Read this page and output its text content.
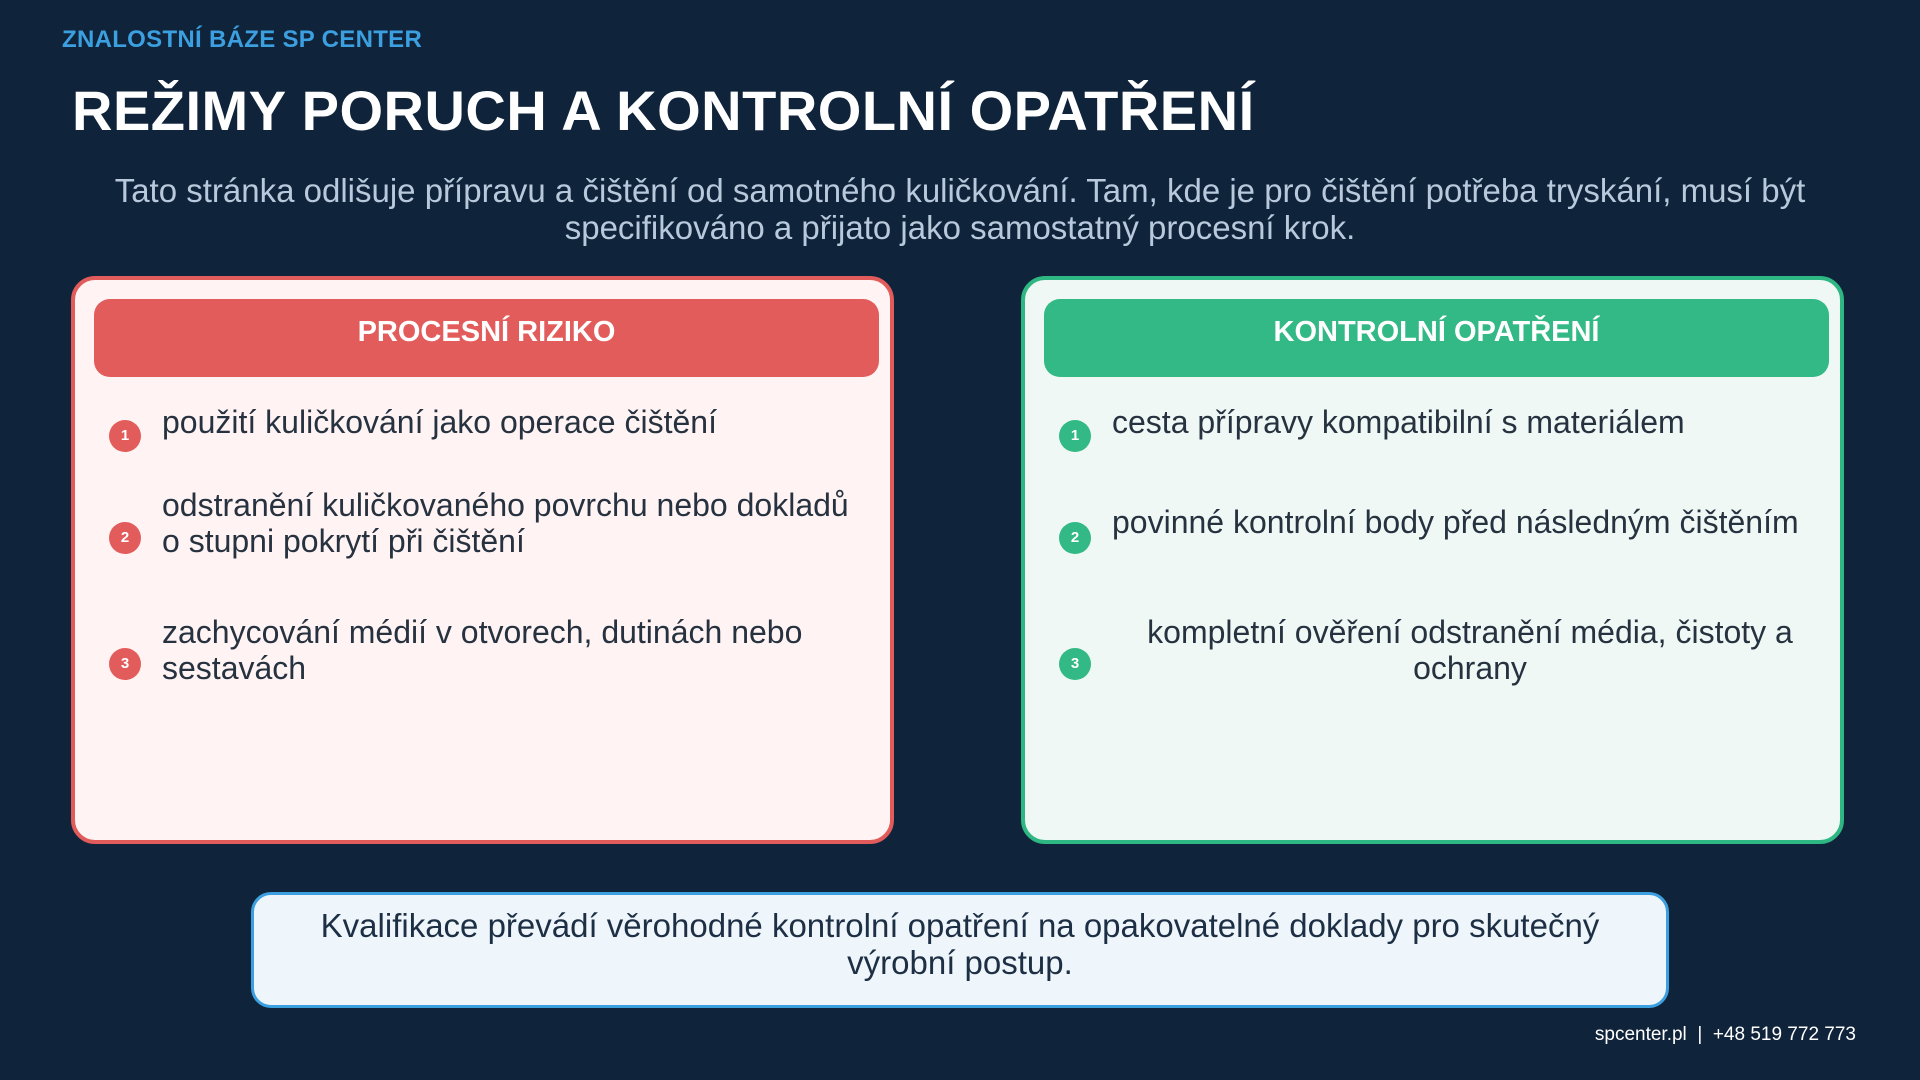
ZNALOSTNÍ BÁZE SP CENTER
REŽIMY PORUCH A KONTROLNÍ OPATŘENÍ
Tato stránka odlišuje přípravu a čištění od samotného kuličkování. Tam, kde je pro čištění potřeba tryskání, musí být specifikováno a přijato jako samostatný procesní krok.
PROCESNÍ RIZIKO
1	použití kuličkování jako operace čištění
2
odstranění kuličkovaného povrchu nebo dokladů o stupni pokrytí při čištění
3
zachycování médií v otvorech, dutinách nebo sestavách
KONTROLNÍ OPATŘENÍ
1	cesta přípravy kompatibilní s materiálem
2	povinné kontrolní body před následným čištěním
3
kompletní ověření odstranění média, čistoty a ochrany
Kvalifikace převádí věrohodné kontrolní opatření na opakovatelné doklady pro skutečný výrobní postup.
spcenter.pl  |  +48 519 772 773
